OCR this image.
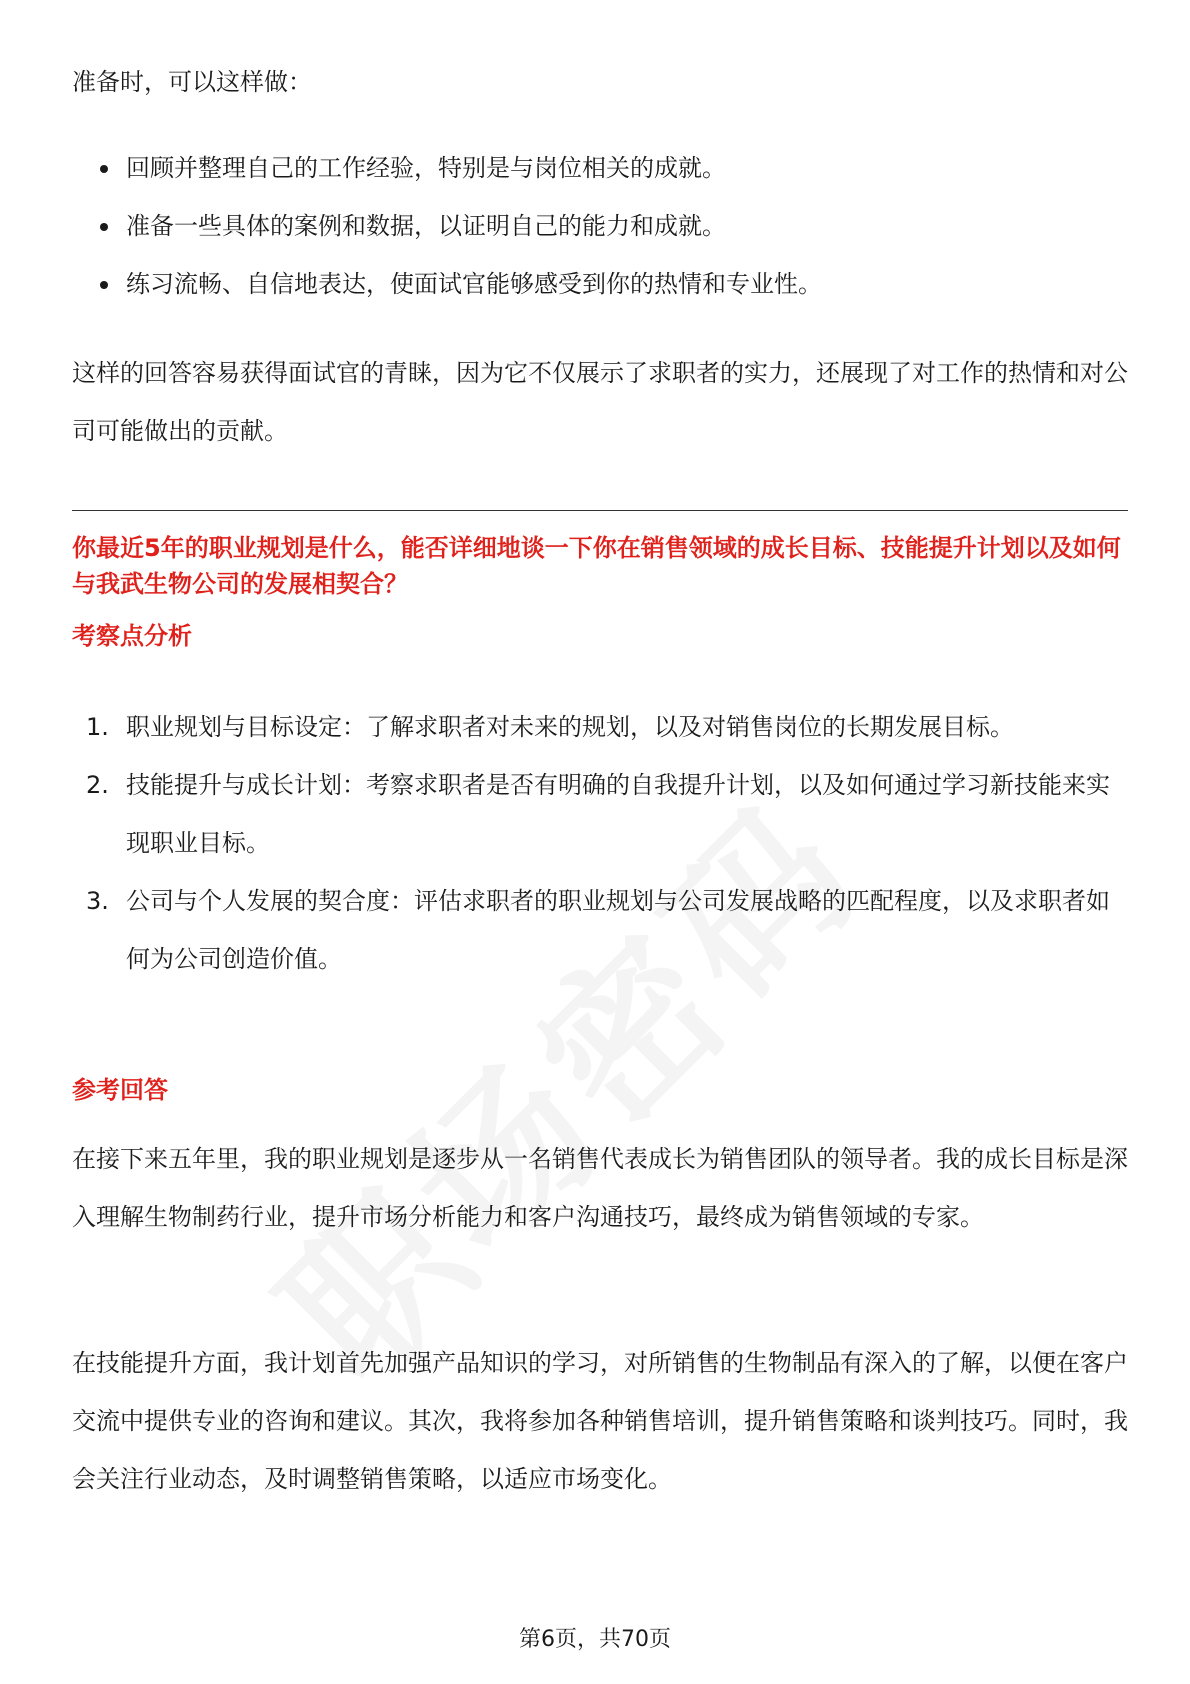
准备时，可以这样做：

回顾并整理自己的工作经验，特别是与岗位相关的成就。
准备一些具体的案例和数据，以证明自己的能力和成就。
练习流畅、自信地表达，使面试官能够感受到你的热情和专业性。

这样的回答容易获得面试官的青睐，因为它不仅展示了求职者的实力，还展现了对工作的热情和对公司可能做出的贡献。

你最近5年的职业规划是什么，能否详细地谈一下你在销售领域的成长目标、技能提升计划以及如何与我武生物公司的发展相契合？

考察点分析

1. 职业规划与目标设定：了解求职者对未来的规划，以及对销售岗位的长期发展目标。
2. 技能提升与成长计划：考察求职者是否有明确的自我提升计划，以及如何通过学习新技能来实现职业目标。
3. 公司与个人发展的契合度：评估求职者的职业规划与公司发展战略的匹配程度，以及求职者如何为公司创造价值。

参考回答

在接下来五年里，我的职业规划是逐步从一名销售代表成长为销售团队的领导者。我的成长目标是深入理解生物制药行业，提升市场分析能力和客户沟通技巧，最终成为销售领域的专家。

在技能提升方面，我计划首先加强产品知识的学习，对所销售的生物制品有深入的了解，以便在客户交流中提供专业的咨询和建议。其次，我将参加各种销售培训，提升销售策略和谈判技巧。同时，我会关注行业动态，及时调整销售策略，以适应市场变化。

第6页，共70页
